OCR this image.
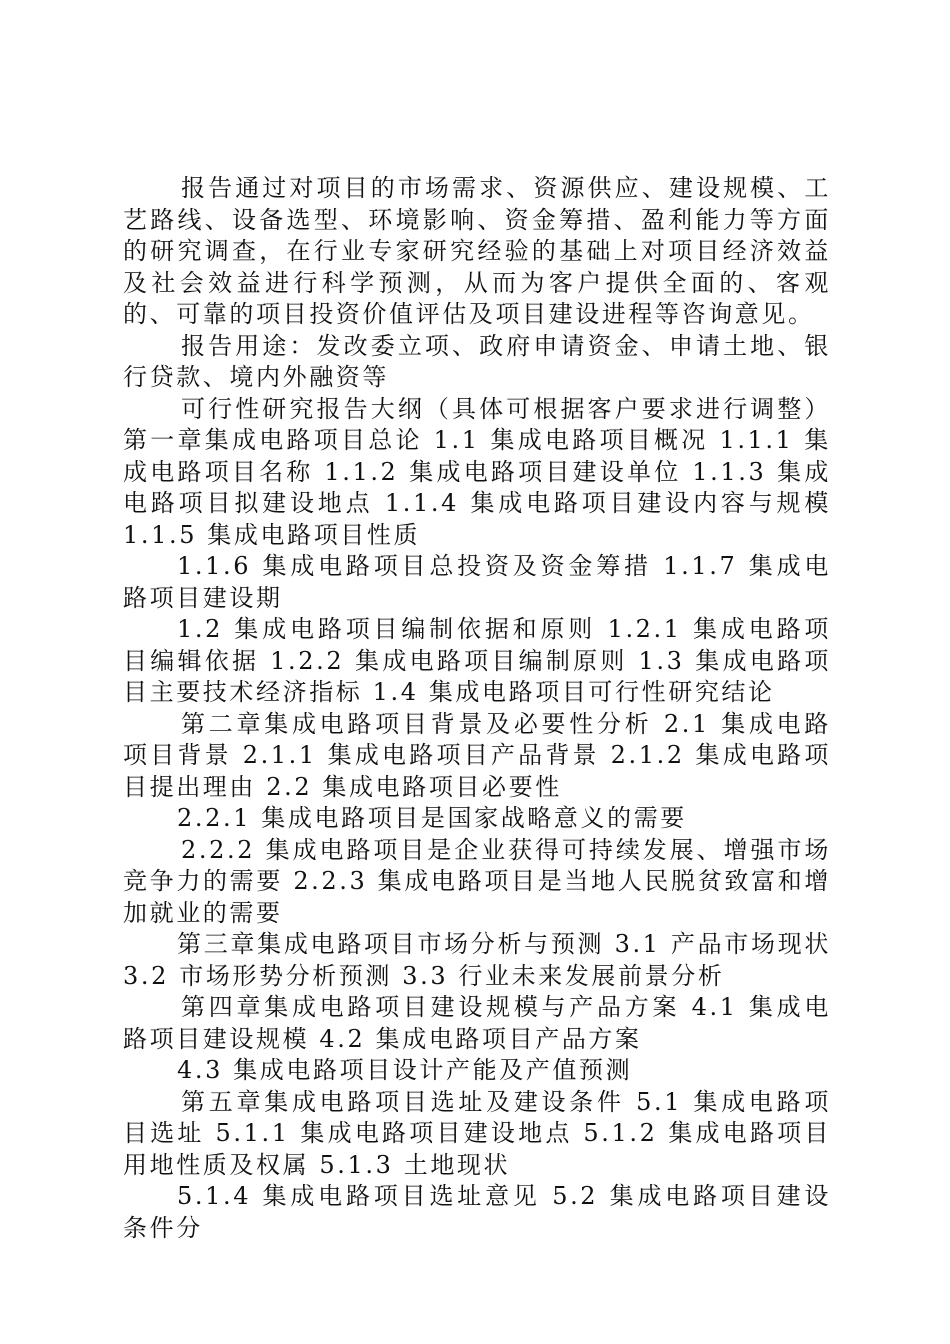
报告通过对项目的市场需求、资源供应、建设规模、工艺路线、设备选型、环境影响、资金筹措、盈利能力等方面的研究调查，在行业专家研究经验的基础上对项目经济效益及社会效益进行科学预测，从而为客户提供全面的、客观的、可靠的项目投资价值评估及项目建设进程等咨询意见。

报告用途：发改委立项、政府申请资金、申请土地、银行贷款、境内外融资等

可行性研究报告大纲（具体可根据客户要求进行调整）第一章集成电路项目总论 1.1 集成电路项目概况 1.1.1 集成电路项目名称 1.1.2 集成电路项目建设单位 1.1.3 集成电路项目拟建设地点 1.1.4 集成电路项目建设内容与规模 1.1.5 集成电路项目性质

1.1.6 集成电路项目总投资及资金筹措 1.1.7 集成电路项目建设期

1.2 集成电路项目编制依据和原则 1.2.1 集成电路项目编辑依据 1.2.2 集成电路项目编制原则 1.3 集成电路项目主要技术经济指标 1.4 集成电路项目可行性研究结论

第二章集成电路项目背景及必要性分析 2.1 集成电路项目背景 2.1.1 集成电路项目产品背景 2.1.2 集成电路项目提出理由 2.2 集成电路项目必要性

2.2.1 集成电路项目是国家战略意义的需要

2.2.2 集成电路项目是企业获得可持续发展、增强市场竞争力的需要 2.2.3 集成电路项目是当地人民脱贫致富和增加就业的需要

第三章集成电路项目市场分析与预测 3.1 产品市场现状 3.2 市场形势分析预测 3.3 行业未来发展前景分析

第四章集成电路项目建设规模与产品方案 4.1 集成电路项目建设规模 4.2 集成电路项目产品方案

4.3 集成电路项目设计产能及产值预测

第五章集成电路项目选址及建设条件 5.1 集成电路项目选址 5.1.1 集成电路项目建设地点 5.1.2 集成电路项目用地性质及权属 5.1.3 土地现状

5.1.4 集成电路项目选址意见 5.2 集成电路项目建设条件分
